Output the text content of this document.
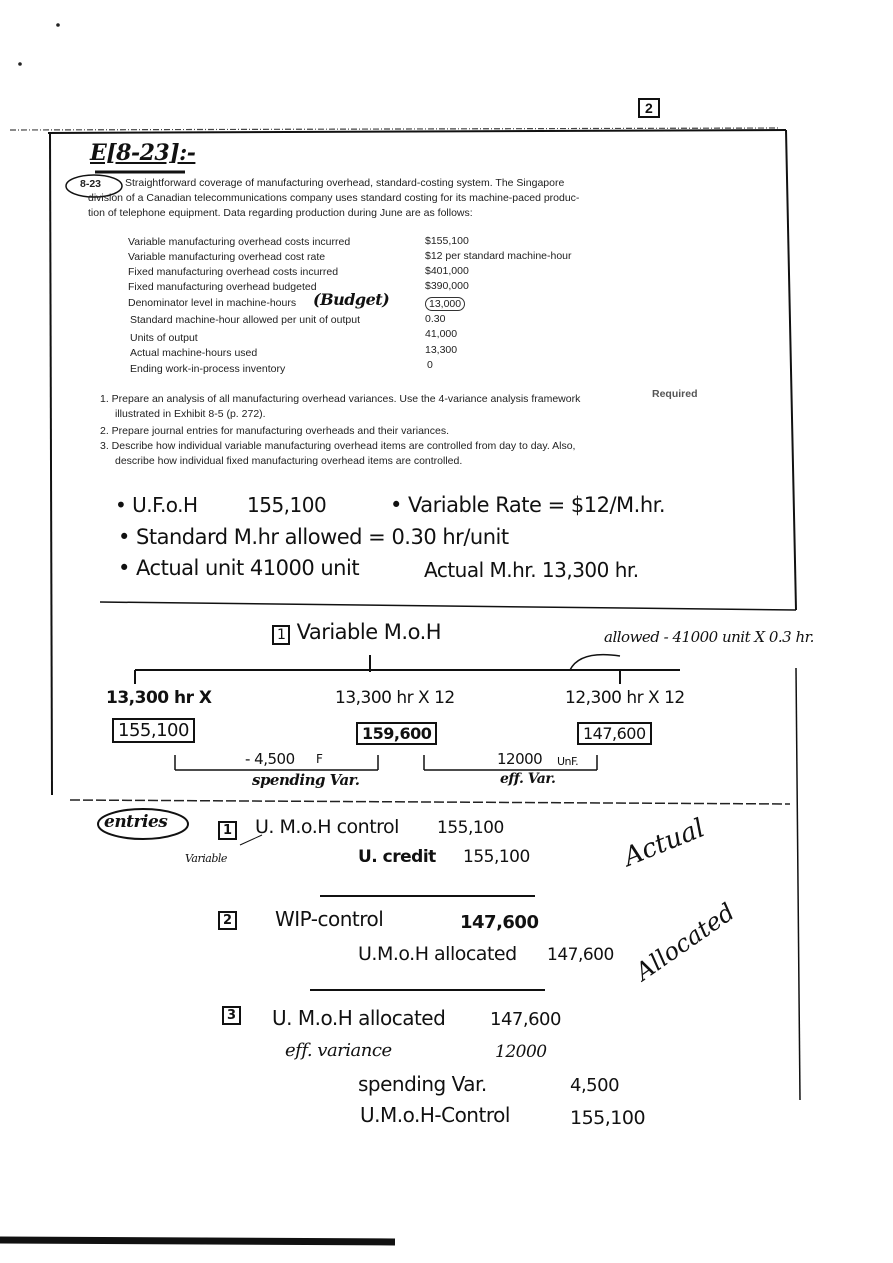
2
E[8-23]:-
8-23 Straightforward coverage of manufacturing overhead, standard-costing system. The Singapore
division of a Canadian telecommunications company uses standard costing for its machine-paced produc-
tion of telephone equipment. Data regarding production during June are as follows:
Variable manufacturing overhead costs incurred	$155,100
Variable manufacturing overhead cost rate	$12 per standard machine-hour
Fixed manufacturing overhead costs incurred	$401,000
Fixed manufacturing overhead budgeted	$390,000
Denominator level in machine-hours	13,000
Standard machine-hour allowed per unit of output	0.30
Units of output	41,000
Actual machine-hours used	13,300
Ending work-in-process inventory	0
(Budget)
Required
1. Prepare an analysis of all manufacturing overhead variances. Use the 4-variance analysis framework
illustrated in Exhibit 8-5 (p. 272).
2. Prepare journal entries for manufacturing overheads and their variances.
3. Describe how individual variable manufacturing overhead items are controlled from day to day. Also,
describe how individual fixed manufacturing overhead items are controlled.
• U.F.o.H 155,100	• Variable Rate = $12/M.hr.
• Standard M.hr allowed = 0.30 hr/unit
• Actual unit 41000 unit	Actual M.hr. 13,300 hr.
1 Variable M.o.H	allowed - 41000 unit X 0.3 hr.
13,300 hr X	13,300 hr X 12	12,300 hr X 12
155,100	159,600	147,600
- 4,500 F
spending Var.
12000 UnF.
eff. Var.
entries
Variable
1 U. M.o.H control 155,100
U. credit 155,100	Actual
2 WIP-control	147,600
U.M.o.H allocated 147,600 Allocated
3 U. M.o.H allocated 147,600
eff. variance	12000
spending Var.	4,500
U.M.o.H-Control	155,100
